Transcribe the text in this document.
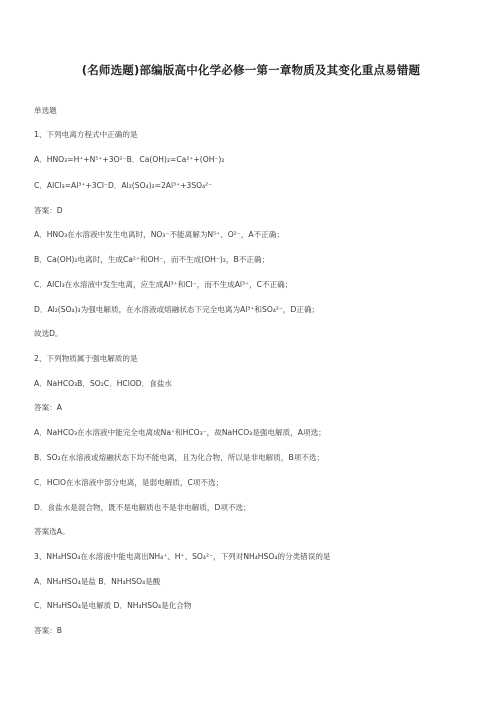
(名师选题)部编版高中化学必修一第一章物质及其变化重点易错题
单选题
1、下列电离方程式中正确的是
A．HNO₃=H⁺+N⁵⁺+3O²⁻B．Ca(OH)₂=Ca²⁺+(OH⁻)₂
C．AlCl₃=Al³⁺+3Cl⁻D．Al₂(SO₄)₃=2Al³⁺+3SO₄²⁻
答案：D
A．HNO₃在水溶液中发生电离时，NO₃⁻不能离解为N⁵⁺、O²⁻，A不正确；
B．Ca(OH)₂电离时，生成Ca²⁺和OH⁻，而不生成(OH⁻)₂，B不正确；
C．AlCl₃在水溶液中发生电离，应生成Al³⁺和Cl⁻，而不生成Al³⁺，C不正确；
D．Al₂(SO₄)₃为强电解质，在水溶液或熔融状态下完全电离为Al³⁺和SO₄²⁻，D正确；
故选D。
2、下列物质属于强电解质的是
A．NaHCO₃B．SO₂C．HClOD．食盐水
答案：A
A．NaHCO₃在水溶液中能完全电离成Na⁺和HCO₃⁻，故NaHCO₃是强电解质，A项选；
B．SO₂在水溶液或熔融状态下均不能电离，且为化合物，所以是非电解质，B项不选；
C．HClO在水溶液中部分电离，是弱电解质，C项不选；
D．食盐水是混合物，既不是电解质也不是非电解质，D项不选；
答案选A。
3、NH₄HSO₄在水溶液中能电离出NH₄⁺、H⁺、SO₄²⁻，下列对NH₄HSO₄的分类错误的是
A．NH₄HSO₄是盐 B．NH₄HSO₄是酸
C．NH₄HSO₄是电解质 D．NH₄HSO₄是化合物
答案：B
